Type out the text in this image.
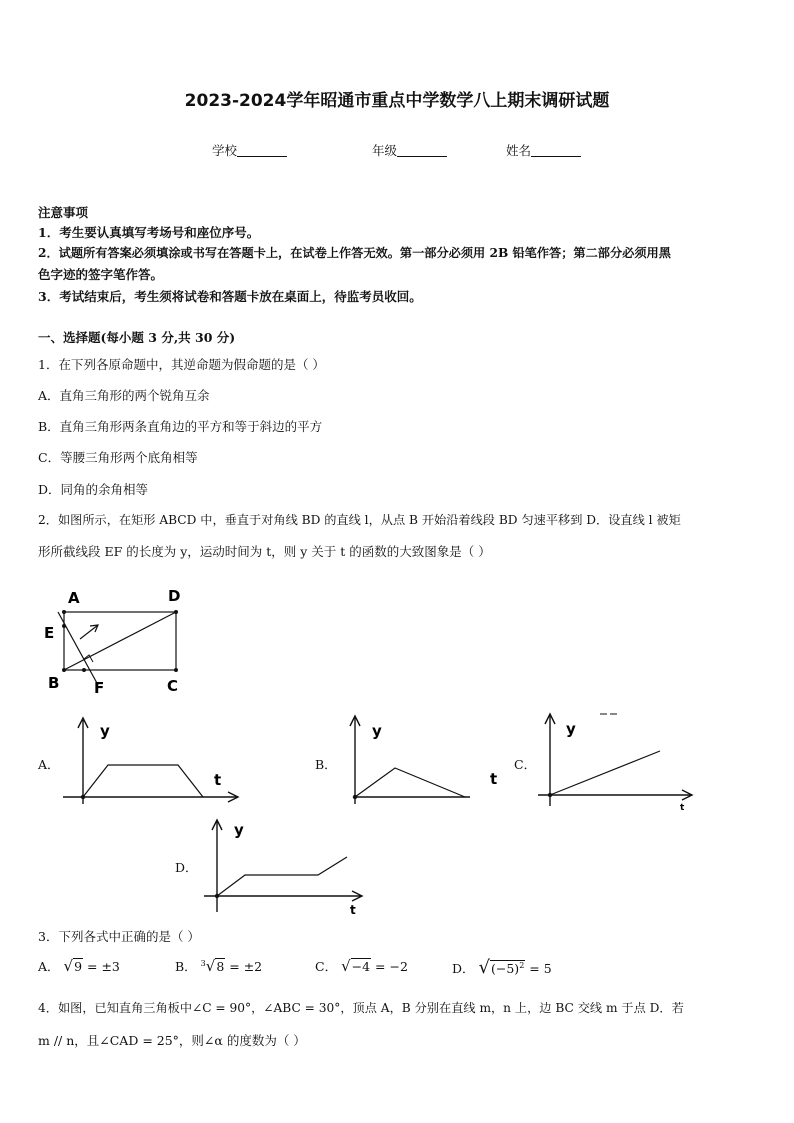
2023-2024学年昭通市重点中学数学八上期末调研试题
学校	年级	姓名
注意事项
1．考生要认真填写考场号和座位序号。
2．试题所有答案必须填涂或书写在答题卡上，在试卷上作答无效。第一部分必须用 2B 铅笔作答；第二部分必须用黑
色字迹的签字笔作答。
3．考试结束后，考生须将试卷和答题卡放在桌面上，待监考员收回。
一、选择题(每小题 3 分,共 30 分)
1．在下列各原命题中，其逆命题为假命题的是（ ）
A．直角三角形的两个锐角互余
B．直角三角形两条直角边的平方和等于斜边的平方
C．等腰三角形两个底角相等
D．同角的余角相等
2．如图所示，在矩形 ABCD 中，垂直于对角线 BD 的直线 l，从点 B 开始沿着线段 BD 匀速平移到 D．设直线 l 被矩
形所截线段 EF 的长度为 y，运动时间为 t，则 y 关于 t 的函数的大致图象是（ ）
A	D
E
B	C
F
A．
y
t
B．
y
t
C．
y
t
D．
y
t
3．下列各式中正确的是（ ）
A． √9 = ±3	B． $^3$√8 = ±2	C． √−4 = −2	D． $√(-5)^2 = 5$
4．如图，已知直角三角板中∠C = 90°，∠ABC = 30°，顶点 A，B 分别在直线 m，n 上，边 BC 交线 m 于点 D．若
m // n，且∠CAD = 25°，则∠α 的度数为（ ）
